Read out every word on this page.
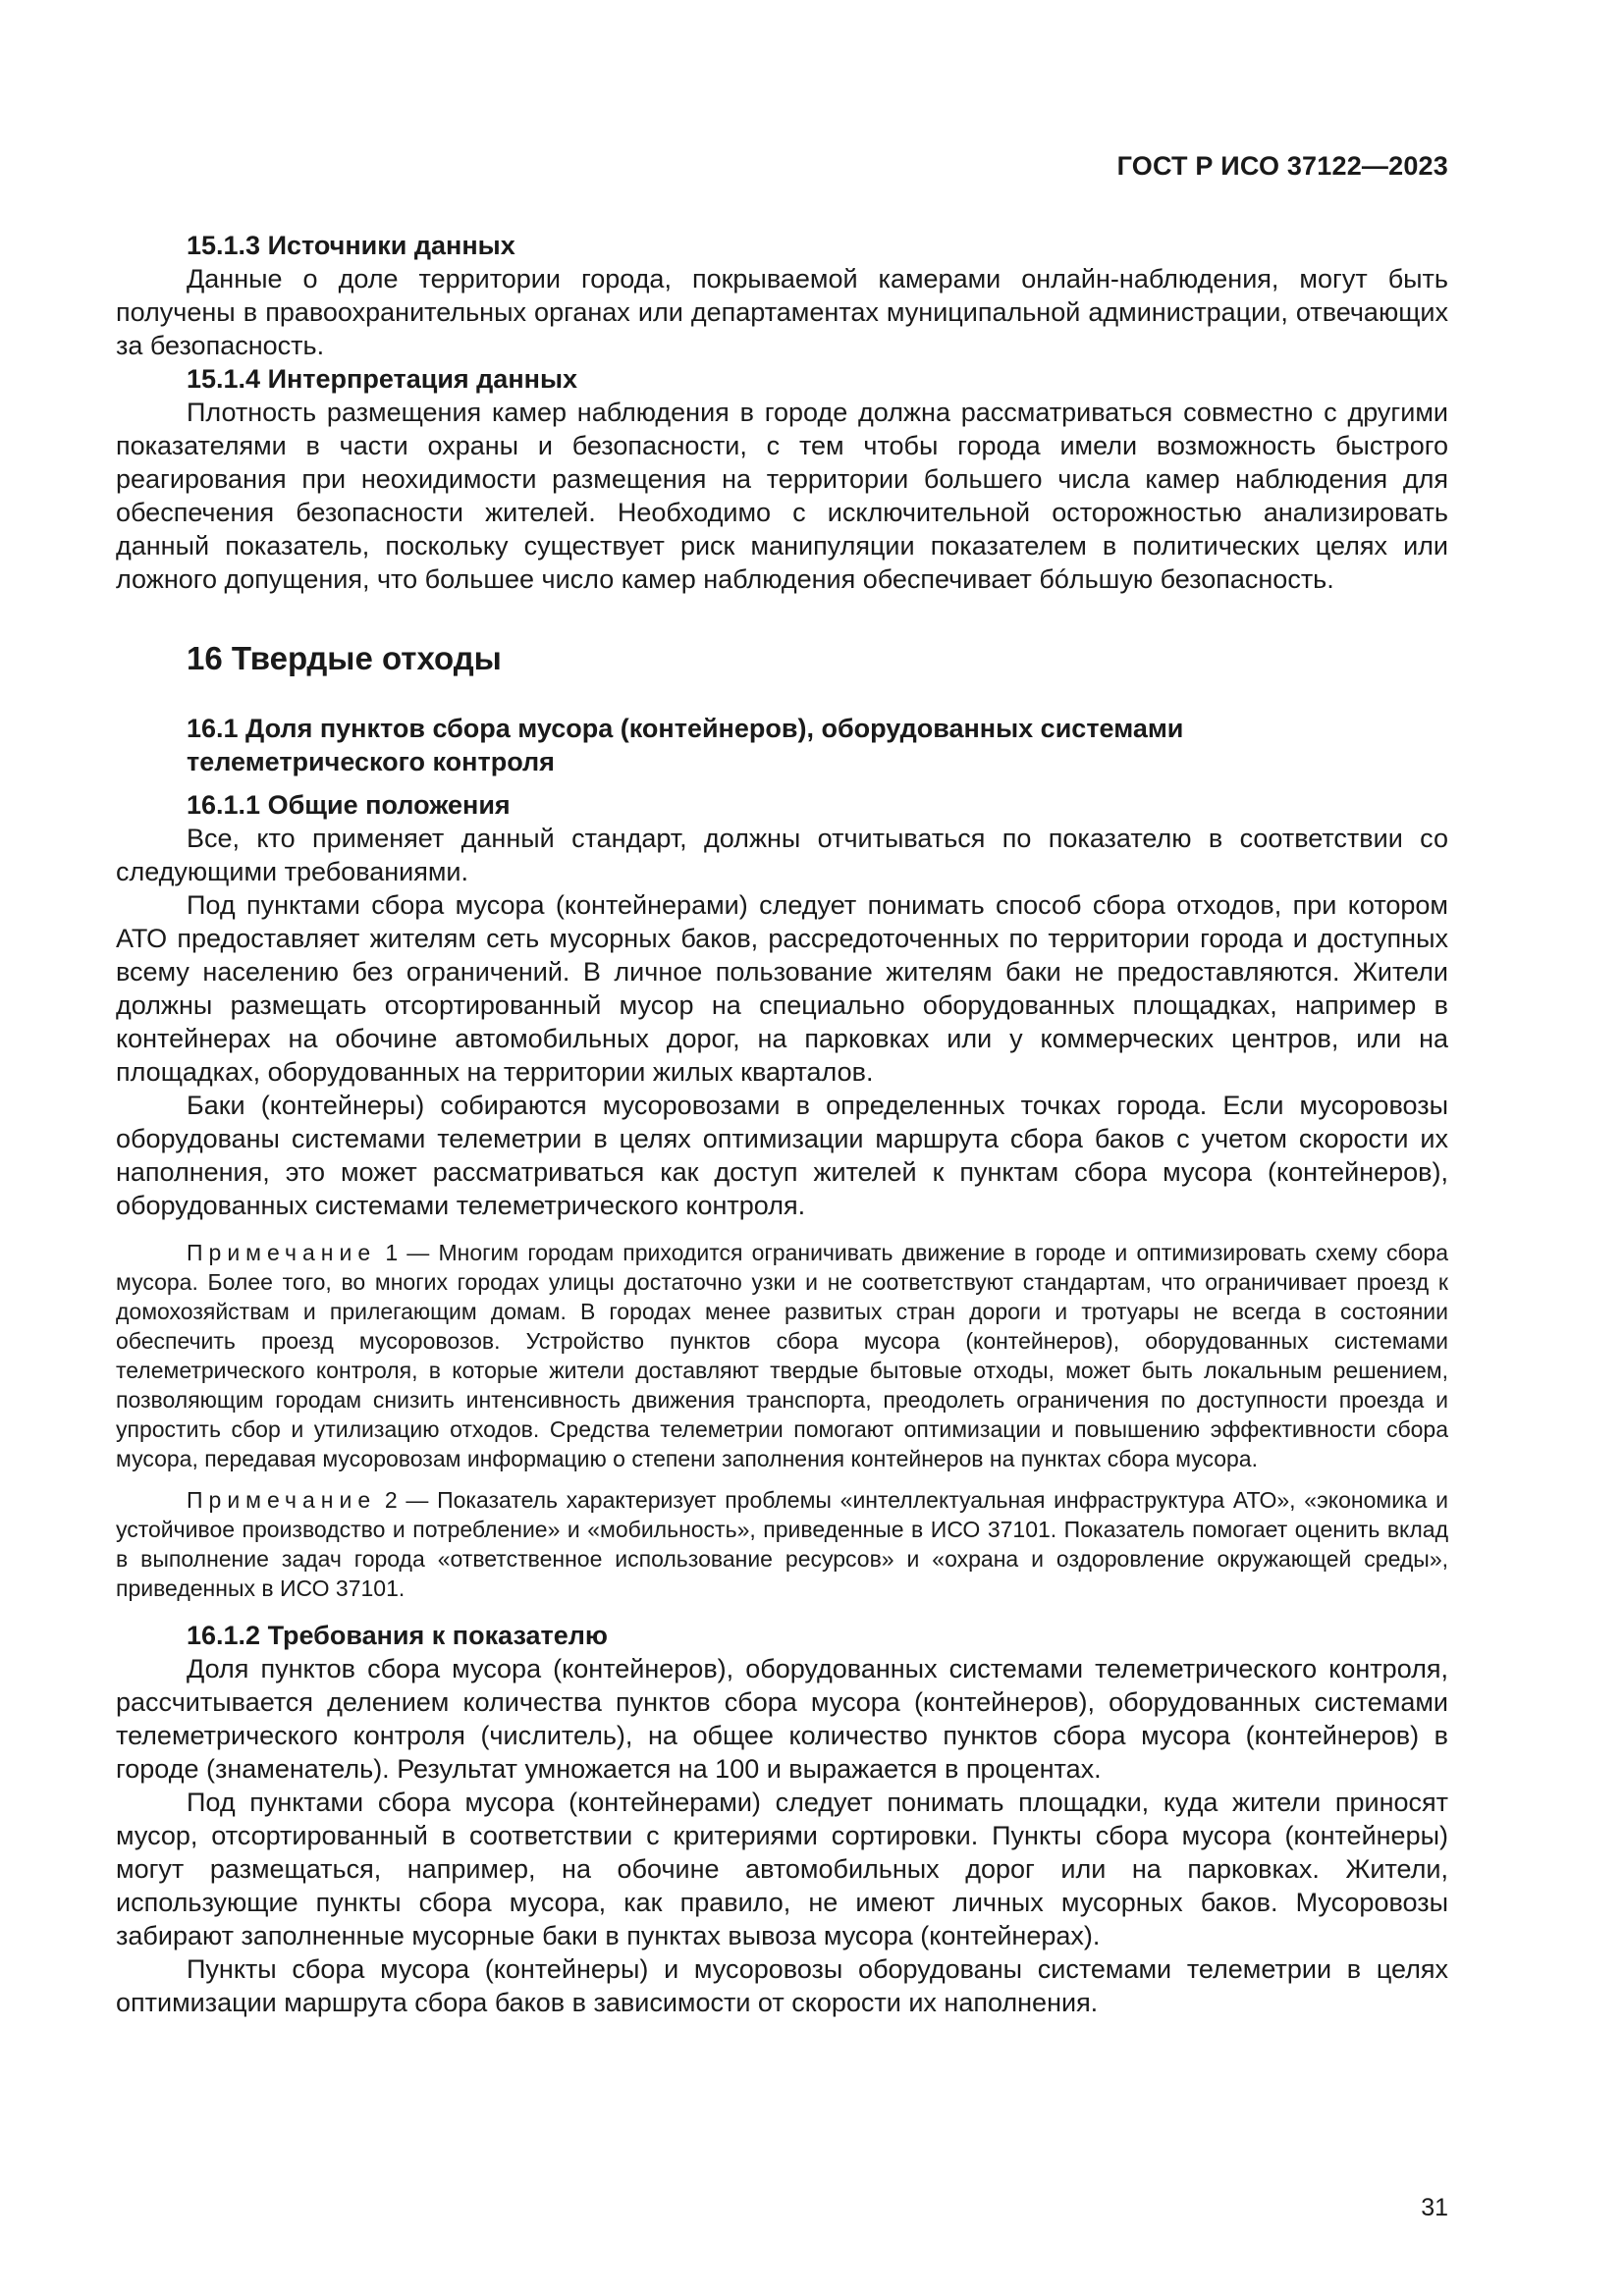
ГОСТ Р ИСО 37122—2023
15.1.3 Источники данных

Данные о доле территории города, покрываемой камерами онлайн-наблюдения, могут быть получены в правоохранительных органах или департаментах муниципальной администрации, отвечающих за безопасность.

15.1.4 Интерпретация данных

Плотность размещения камер наблюдения в городе должна рассматриваться совместно с другими показателями в части охраны и безопасности, с тем чтобы города имели возможность быстрого реагирования при неохидимости размещения на территории большего числа камер наблюдения для обеспечения безопасности жителей. Необходимо с исключительной осторожностью анализировать данный показатель, поскольку существует риск манипуляции показателем в политических целях или ложного допущения, что большее число камер наблюдения обеспечивает бóльшую безопасность.

16 Твердые отходы
16.1 Доля пунктов сбора мусора (контейнеров), оборудованных системами телеметрического контроля
16.1.1 Общие положения

Все, кто применяет данный стандарт, должны отчитываться по показателю в соответствии со следующими требованиями.

Под пунктами сбора мусора (контейнерами) следует понимать способ сбора отходов, при котором АТО предоставляет жителям сеть мусорных баков, рассредоточенных по территории города и доступных всему населению без ограничений. В личное пользование жителям баки не предоставляются. Жители должны размещать отсортированный мусор на специально оборудованных площадках, например в контейнерах на обочине автомобильных дорог, на парковках или у коммерческих центров, или на площадках, оборудованных на территории жилых кварталов.

Баки (контейнеры) собираются мусоровозами в определенных точках города. Если мусоровозы оборудованы системами телеметрии в целях оптимизации маршрута сбора баков с учетом скорости их наполнения, это может рассматриваться как доступ жителей к пунктам сбора мусора (контейнеров), оборудованных системами телеметрического контроля.

Примечание 1 — Многим городам приходится ограничивать движение в городе и оптимизировать схему сбора мусора. Более того, во многих городах улицы достаточно узки и не соответствуют стандартам, что ограничивает проезд к домохозяйствам и прилегающим домам. В городах менее развитых стран дороги и тротуары не всегда в состоянии обеспечить проезд мусоровозов. Устройство пунктов сбора мусора (контейнеров), оборудованных системами телеметрического контроля, в которые жители доставляют твердые бытовые отходы, может быть локальным решением, позволяющим городам снизить интенсивность движения транспорта, преодолеть ограничения по доступности проезда и упростить сбор и утилизацию отходов. Средства телеметрии помогают оптимизации и повышению эффективности сбора мусора, передавая мусоровозам информацию о степени заполнения контейнеров на пунктах сбора мусора.

Примечание 2 — Показатель характеризует проблемы «интеллектуальная инфраструктура АТО», «экономика и устойчивое производство и потребление» и «мобильность», приведенные в ИСО 37101. Показатель помогает оценить вклад в выполнение задач города «ответственное использование ресурсов» и «охрана и оздоровление окружающей среды», приведенных в ИСО 37101.

16.1.2 Требования к показателю

Доля пунктов сбора мусора (контейнеров), оборудованных системами телеметрического контроля, рассчитывается делением количества пунктов сбора мусора (контейнеров), оборудованных системами телеметрического контроля (числитель), на общее количество пунктов сбора мусора (контейнеров) в городе (знаменатель). Результат умножается на 100 и выражается в процентах.

Под пунктами сбора мусора (контейнерами) следует понимать площадки, куда жители приносят мусор, отсортированный в соответствии с критериями сортировки. Пункты сбора мусора (контейнеры) могут размещаться, например, на обочине автомобильных дорог или на парковках. Жители, использующие пункты сбора мусора, как правило, не имеют личных мусорных баков. Мусоровозы забирают заполненные мусорные баки в пунктах вывоза мусора (контейнерах).

Пункты сбора мусора (контейнеры) и мусоровозы оборудованы системами телеметрии в целях оптимизации маршрута сбора баков в зависимости от скорости их наполнения.

31
